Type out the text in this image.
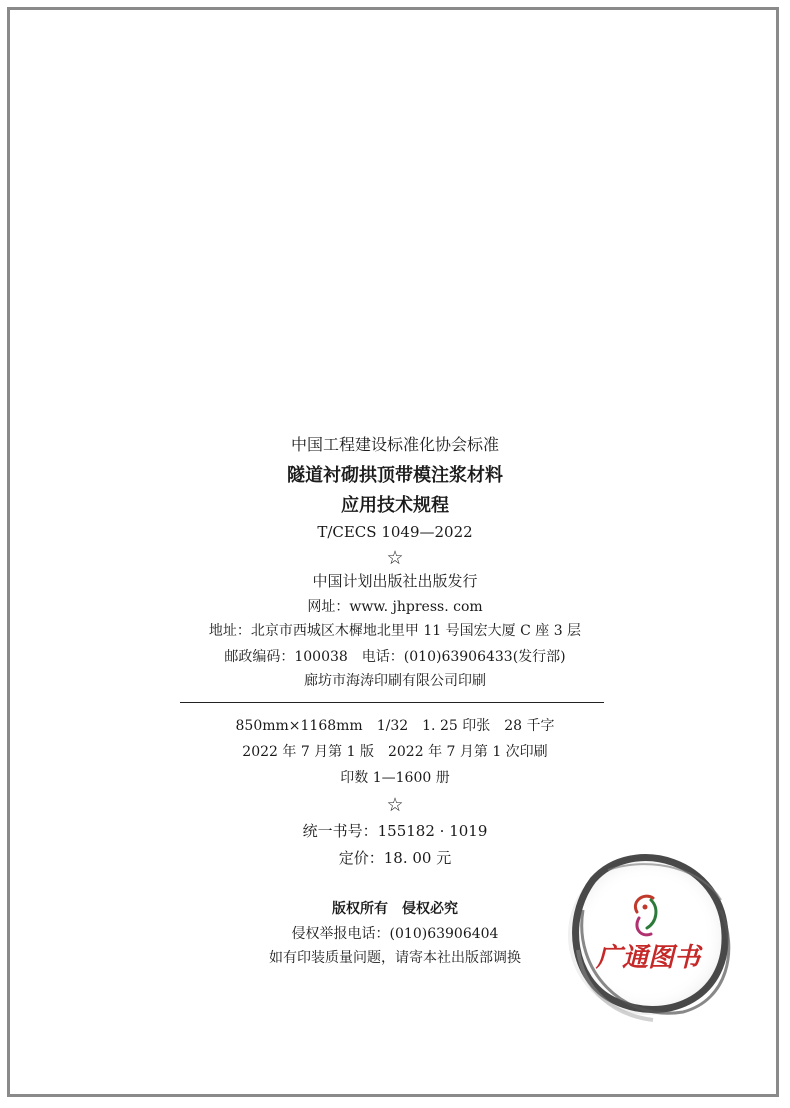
中国工程建设标准化协会标准
隧道衬砌拱顶带模注浆材料
应用技术规程
T/CECS 1049—2022
☆
中国计划出版社出版发行
网址：www. jhpress. com
地址：北京市西城区木樨地北里甲 11 号国宏大厦 C 座 3 层
邮政编码：100038　电话：(010)63906433(发行部)
廊坊市海涛印刷有限公司印刷
850mm×1168mm　1/32　1. 25 印张　28 千字
2022 年 7 月第 1 版　2022 年 7 月第 1 次印刷
印数 1—1600 册
☆
统一书号：155182 · 1019
定价：18. 00 元
版权所有　侵权必究
侵权举报电话：(010)63906404
如有印装质量问题，请寄本社出版部调换	广通图书
